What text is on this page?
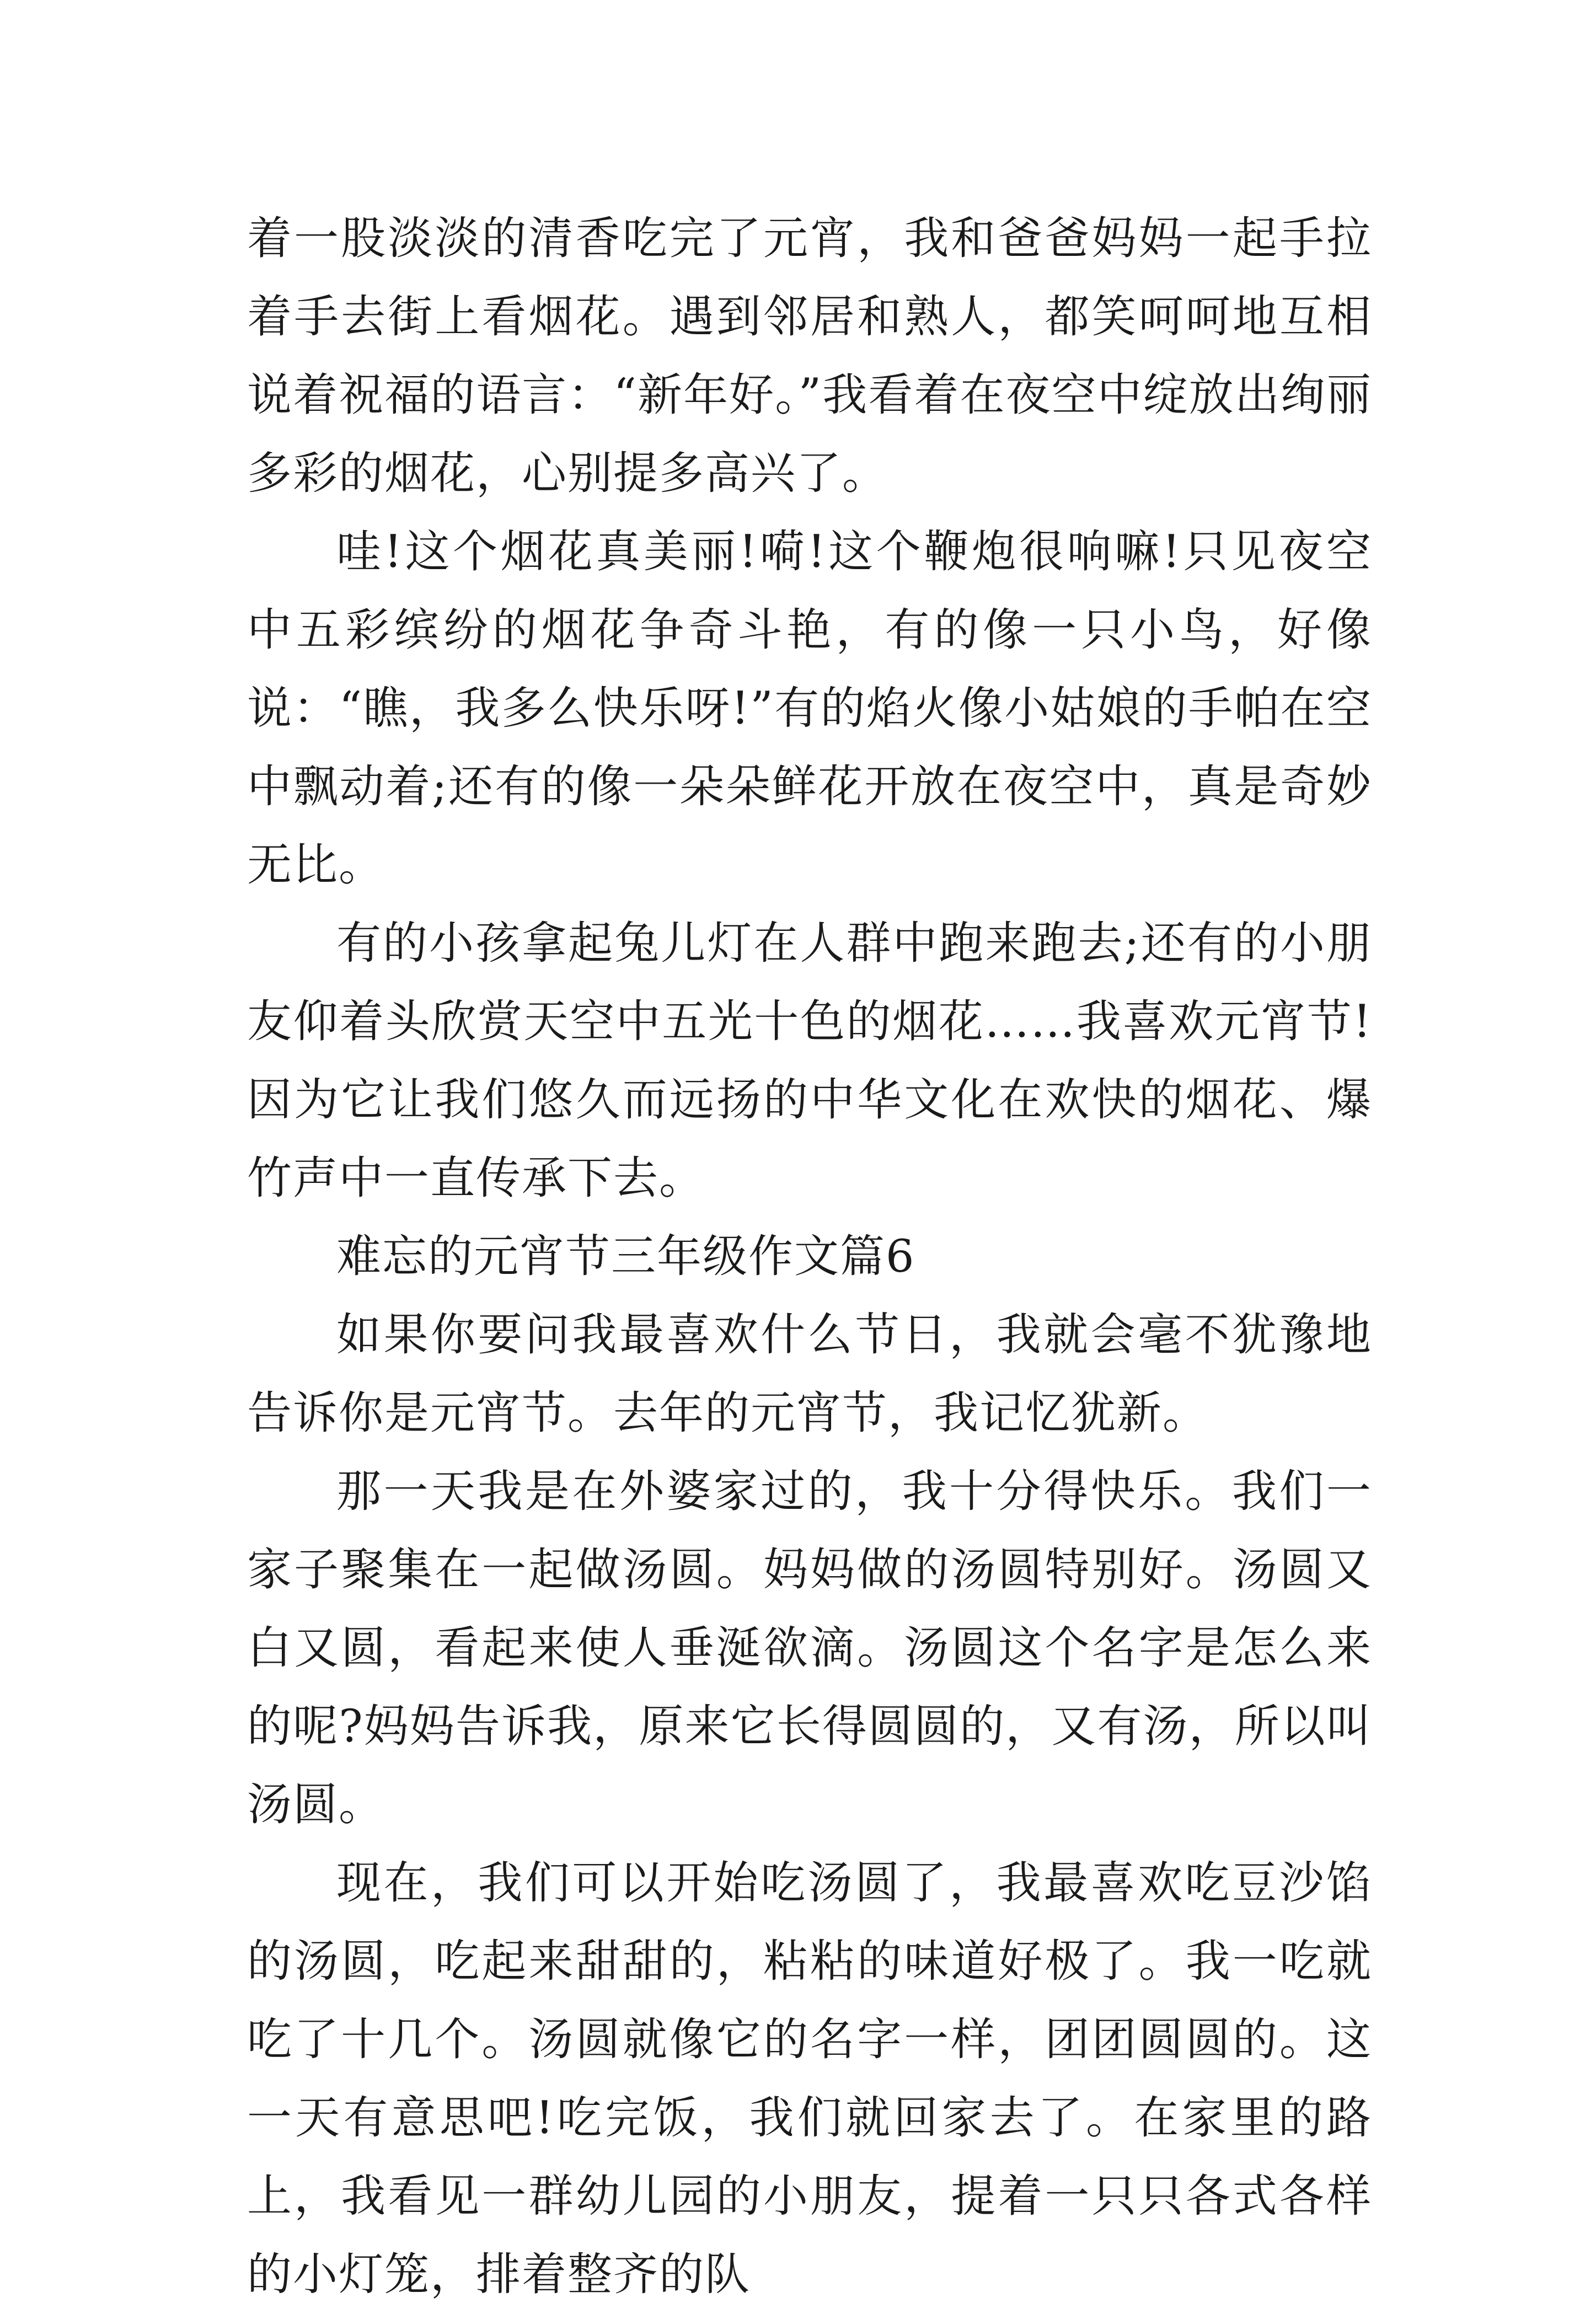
着一股淡淡的清香吃完了元宵，我和爸爸妈妈一起手拉着手去街上看烟花。遇到邻居和熟人，都笑呵呵地互相说着祝福的语言：“新年好。”我看着在夜空中绽放出绚丽多彩的烟花，心别提多高兴了。

哇!这个烟花真美丽!嗬!这个鞭炮很响嘛!只见夜空中五彩缤纷的烟花争奇斗艳，有的像一只小鸟，好像说：“瞧，我多么快乐呀!”有的焰火像小姑娘的手帕在空中飘动着;还有的像一朵朵鲜花开放在夜空中，真是奇妙无比。

有的小孩拿起兔儿灯在人群中跑来跑去;还有的小朋友仰着头欣赏天空中五光十色的烟花……我喜欢元宵节!因为它让我们悠久而远扬的中华文化在欢快的烟花、爆竹声中一直传承下去。

难忘的元宵节三年级作文篇6

如果你要问我最喜欢什么节日，我就会毫不犹豫地告诉你是元宵节。去年的元宵节，我记忆犹新。

那一天我是在外婆家过的，我十分得快乐。我们一家子聚集在一起做汤圆。妈妈做的汤圆特别好。汤圆又白又圆，看起来使人垂涎欲滴。汤圆这个名字是怎么来的呢?妈妈告诉我，原来它长得圆圆的，又有汤，所以叫汤圆。

现在，我们可以开始吃汤圆了，我最喜欢吃豆沙馅的汤圆，吃起来甜甜的，粘粘的味道好极了。我一吃就吃了十几个。汤圆就像它的名字一样，团团圆圆的。这一天有意思吧!吃完饭，我们就回家去了。在家里的路上，我看见一群幼儿园的小朋友，提着一只只各式各样的小灯笼，排着整齐的队
